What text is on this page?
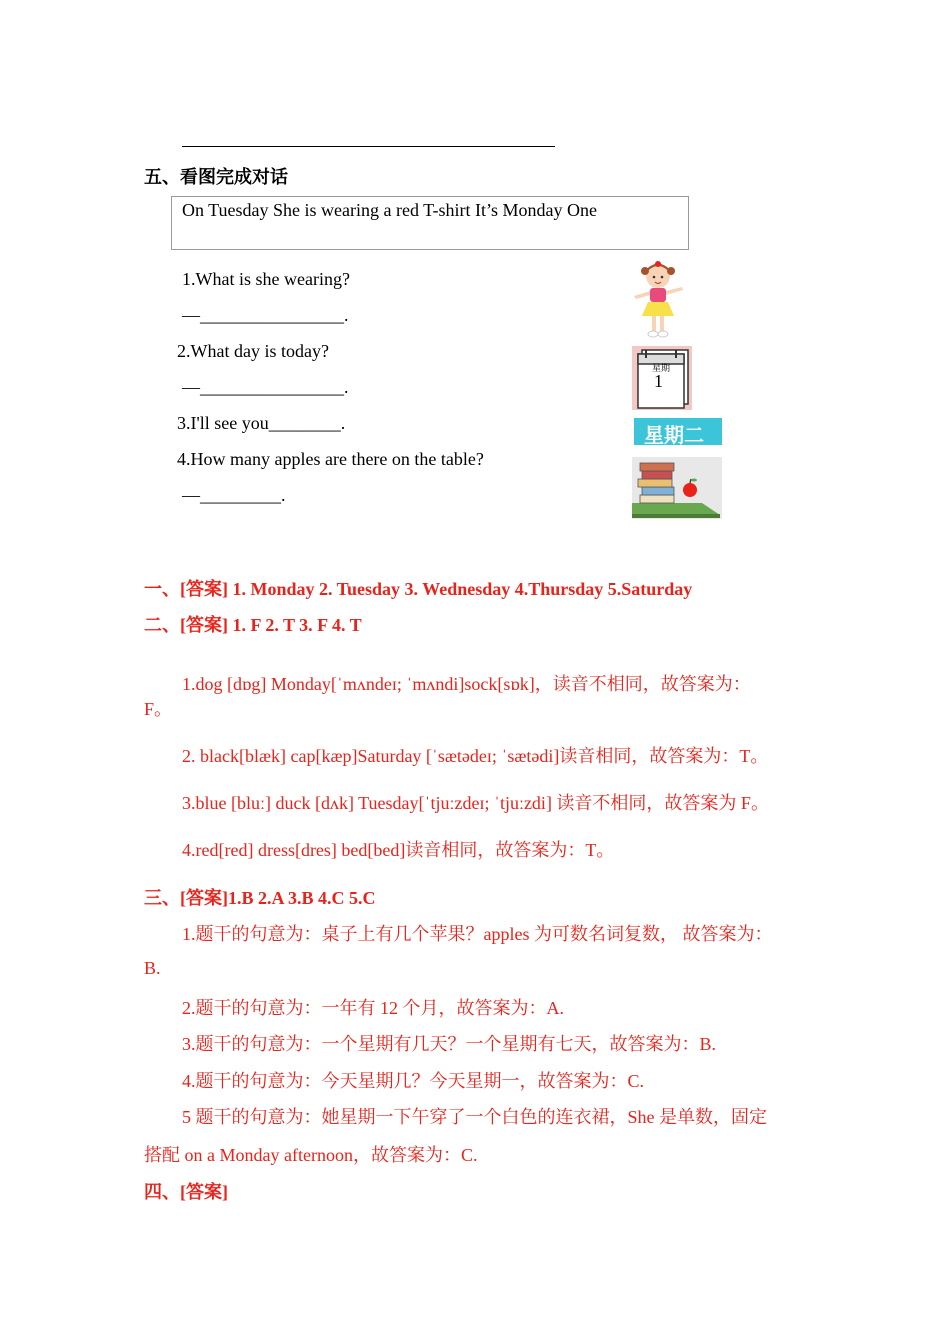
五、看图完成对话
On Tuesday She is wearing a red T-shirt It’s Monday One
1.What is she wearing?
—________________.
2.What day is today?
—________________.
3.I'll see you________.
4.How many apples are there on the table?
—_________.
星期
1
星期二
一、[答案] 1. Monday 2. Tuesday 3. Wednesday 4.Thursday 5.Saturday
二、[答案] 1. F 2. T 3. F 4. T
1.dog [dɒg] Monday[ˈmʌndeɪ; ˈmʌndi]sock[sɒk]，读音不相同，故答案为：
F。
2. black[blæk] cap[kæp]Saturday [ˈsætədeɪ; ˈsætədi]读音相同，故答案为：T。
3.blue [bluː] duck [dʌk] Tuesday[ˈtjuːzdeɪ; ˈtjuːzdi] 读音不相同，故答案为 F。
4.red[red] dress[dres] bed[bed]读音相同，故答案为：T。
三、[答案]1.B 2.A 3.B 4.C 5.C
1.题干的句意为：桌子上有几个苹果？apples 为可数名词复数， 故答案为：
B.
2.题干的句意为：一年有 12 个月，故答案为：A.
3.题干的句意为：一个星期有几天？一个星期有七天，故答案为：B.
4.题干的句意为：今天星期几？今天星期一，故答案为：C.
5 题干的句意为：她星期一下午穿了一个白色的连衣裙，She 是单数，固定
搭配 on a Monday afternoon，故答案为：C.
四、[答案]
